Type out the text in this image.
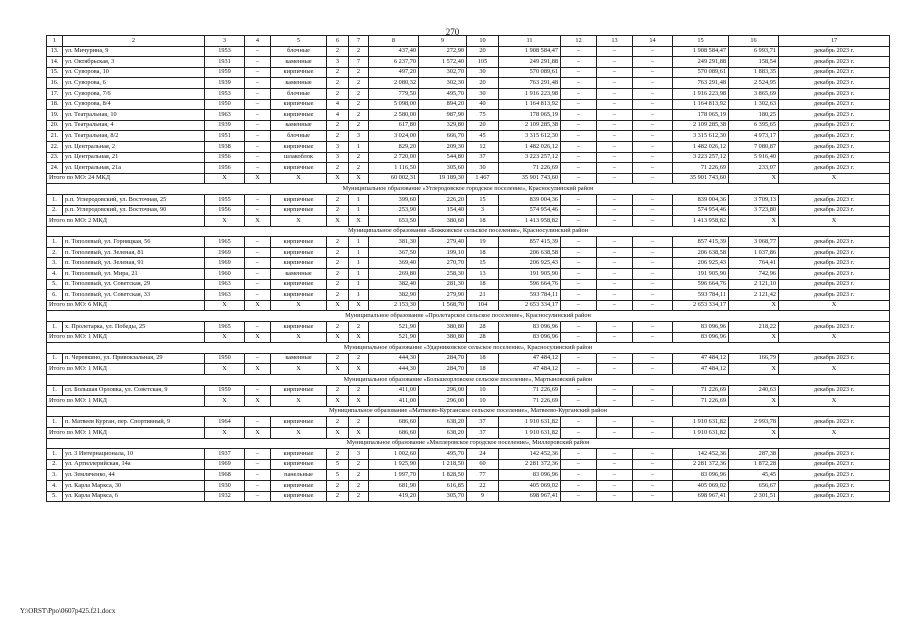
270
1	2	3	4	5	6	7	8	9	10	11	12	13	14	15	16	17
13.	ул. Мичурина, 9	1953	–	блочные	2	2	437,40	272,90	20	1 908 584,47	–	–	–	1 908 584,47	6 993,71	декабрь 2023 г.
14.	ул. Октябрьская, 3	1931	–	каменные	3	7	6 237,70	1 572,40	105	249 291,88	–	–	–	249 291,88	158,54	декабрь 2023 г.
15.	ул. Суворова, 10	1959	–	кирпичные	2	2	497,20	302,70	30	570 089,61	–	–	–	570 089,61	1 883,35	декабрь 2023 г.
16.	ул. Суворова, 6	1939	–	каменные	2	2	2 080,32	302,30	20	763 291,48	–	–	–	763 291,48	2 524,95	декабрь 2023 г.
17.	ул. Суворова, 7/6	1953	–	блочные	2	2	779,50	495,70	30	1 916 223,98	–	–	–	1 916 223,98	3 865,69	декабрь 2023 г.
18.	ул. Суворова, 8/4	1950	–	кирпичные	4	2	5 098,00	894,20	40	1 164 813,92	–	–	–	1 164 813,92	1 302,63	декабрь 2023 г.
19.	ул. Театральная, 10	1963	–	кирпичные	4	2	2 580,00	987,90	75	178 065,19	–	–	–	178 065,19	180,25	декабрь 2023 г.
20.	ул. Театральная, 4	1939	–	каменные	2	2	617,80	329,80	20	2 109 285,38	–	–	–	2 109 285,38	6 395,65	декабрь 2023 г.
21.	ул. Театральная, 8/2	1951	–	блочные	2	3	3 024,00	666,70	45	3 315 612,30	–	–	–	3 315 612,30	4 973,17	декабрь 2023 г.
22.	ул. Центральная, 2	1938	–	кирпичные	3	1	829,20	209,30	12	1 482 026,12	–	–	–	1 482 026,12	7 080,87	декабрь 2023 г.
23.	ул. Центральная, 21	1956	–	шлакоблок	3	2	2 720,00	544,80	37	3 223 257,12	–	–	–	3 223 257,12	5 916,40	декабрь 2023 г.
24.	ул. Центральная, 21а	1956	–	кирпичные	2	2	1 116,50	305,60	30	71 226,69	–	–	–	71 226,69	233,07	декабрь 2023 г.
Итого по МО: 24 МКД		X	X	X	X	X	60 002,31	19 189,30	1 467	35 901 743,60	–	–	–	35 901 743,60	X	X
Муниципальное образование «Углеродовское городское поселение», Красносулинский район																
1.	р.п. Углеродовский, ул. Восточная, 25	1955	–	кирпичные	2	1	399,60	226,20	15	839 004,36	–	–	–	839 004,36	3 709,13	декабрь 2023 г.
2.	р.п. Углеродовский, ул. Восточная, 90	1956	–	кирпичные	2	1	253,90	154,40	3	574 954,46	–	–	–	574 954,46	3 723,80	декабрь 2023 г.
Итого по МО: 2 МКД		X	X	X	X	X	653,50	380,60	18	1 413 958,82	–	–	–	1 413 958,82	X	X
Муниципальное образование «Божковское сельское поселение», Красносулинский район																
1.	п. Тополевый, ул. Горняцкая, 56	1965	–	кирпичные	2	1	381,30	279,40	19	857 415,39	–	–	–	857 415,39	3 068,77	декабрь 2023 г.
2.	п. Тополевый, ул. Зеленая, 81	1969	–	кирпичные	2	1	367,50	199,10	18	206 638,58	–	–	–	206 638,58	1 037,86	декабрь 2023 г.
3.	п. Тополевый, ул. Зеленая, 91	1969	–	кирпичные	2	1	369,40	270,70	15	206 925,43	–	–	–	206 925,43	764,41	декабрь 2023 г.
4.	п. Тополевый, ул. Мира, 21	1960	–	каменные	2	1	269,80	258,30	13	191 905,90	–	–	–	191 905,90	742,96	декабрь 2023 г.
5.	п. Тополевый, ул. Советская, 29	1963	–	кирпичные	2	1	382,40	281,30	18	596 664,76	–	–	–	596 664,76	2 121,10	декабрь 2023 г.
6.	п. Тополевый, ул. Советская, 33	1963	–	кирпичные	2	1	382,90	279,90	21	593 784,11	–	–	–	593 784,11	2 121,42	декабрь 2023 г.
Итого по МО: 6 МКД		X	X	X	X	X	2 153,30	1 568,70	104	2 653 334,17	–	–	–	2 653 334,17	X	X
Муниципальное образование «Пролетарское сельское поселение», Красносулинский район																
1.	х. Пролетарка, ул. Победы, 25	1965	–	кирпичные	2	2	521,90	380,80	28	83 096,96	–	–	–	83 096,96	218,22	декабрь 2023 г.
Итого по МО: 1 МКД		X	X	X	X	X	521,90	380,80	28	83 096,96	–	–	–	83 096,96	X	X
Муниципальное образование «Ударниковское сельское поселение», Красносулинский район																
1.	п. Черевкино, ул. Привокзальная, 29	1950	–	каменные	2	2	444,30	284,70	18	47 484,12	–	–	–	47 484,12	166,79	декабрь 2023 г.
Итого по МО: 1 МКД		X	X	X	X	X	444,30	284,70	18	47 484,12	–	–	–	47 484,12	X	X
Муниципальное образование «Большеорловское сельское поселение», Мартыновский район																
1.	сл. Большая Орловка, ул. Советская, 9	1959	–	кирпичные	2	2	411,00	296,00	10	71 226,69	–	–	–	71 226,69	240,63	декабрь 2023 г.
Итого по МО: 1 МКД		X	X	X	X	X	411,00	296,00	10	71 226,69	–	–	–	71 226,69	X	X
Муниципальное образование «Матвеево-Курганское сельское поселение», Матвеево-Курганский район																
1.	п. Матвеев Курган, пер. Спортивный, 9	1964	–	кирпичные	2	2	686,60	638,20	37	1 910 631,82	–	–	–	1 910 631,82	2 993,78	декабрь 2023 г.
Итого по МО: 1 МКД		X	X	X	X	X	686,60	638,20	37	1 910 631,82	–	–	–	1 910 631,82	X	X
Муниципальное образование «Миллеровское городское поселение», Миллеровский район																
1.	ул. 3 Интернационала, 10	1937	–	кирпичные	2	3	1 002,60	495,70	24	142 452,36	–	–	–	142 452,36	287,38	декабрь 2023 г.
2.	ул. Артиллерийская, 14а	1969	–	кирпичные	5	2	1 925,90	1 218,50	60	2 281 372,36	–	–	–	2 281 372,36	1 872,28	декабрь 2023 г.
3.	ул. Земляченко, 44	1968	–	панельные	5	2	1 997,70	1 828,50	77	83 096,96	–	–	–	83 096,96	45,45	декабрь 2023 г.
4.	ул. Карла Маркса, 30	1930	–	кирпичные	2	2	681,90	616,85	22	405 069,02	–	–	–	405 069,02	656,67	декабрь 2023 г.
5.	ул. Карла Маркса, 6	1932	–	кирпичные	2	2	419,20	305,70	9	698 967,41	–	–	–	698 967,41	2 301,51	декабрь 2023 г.
Y:\ORST\Ppo\0607p425.f21.docx
